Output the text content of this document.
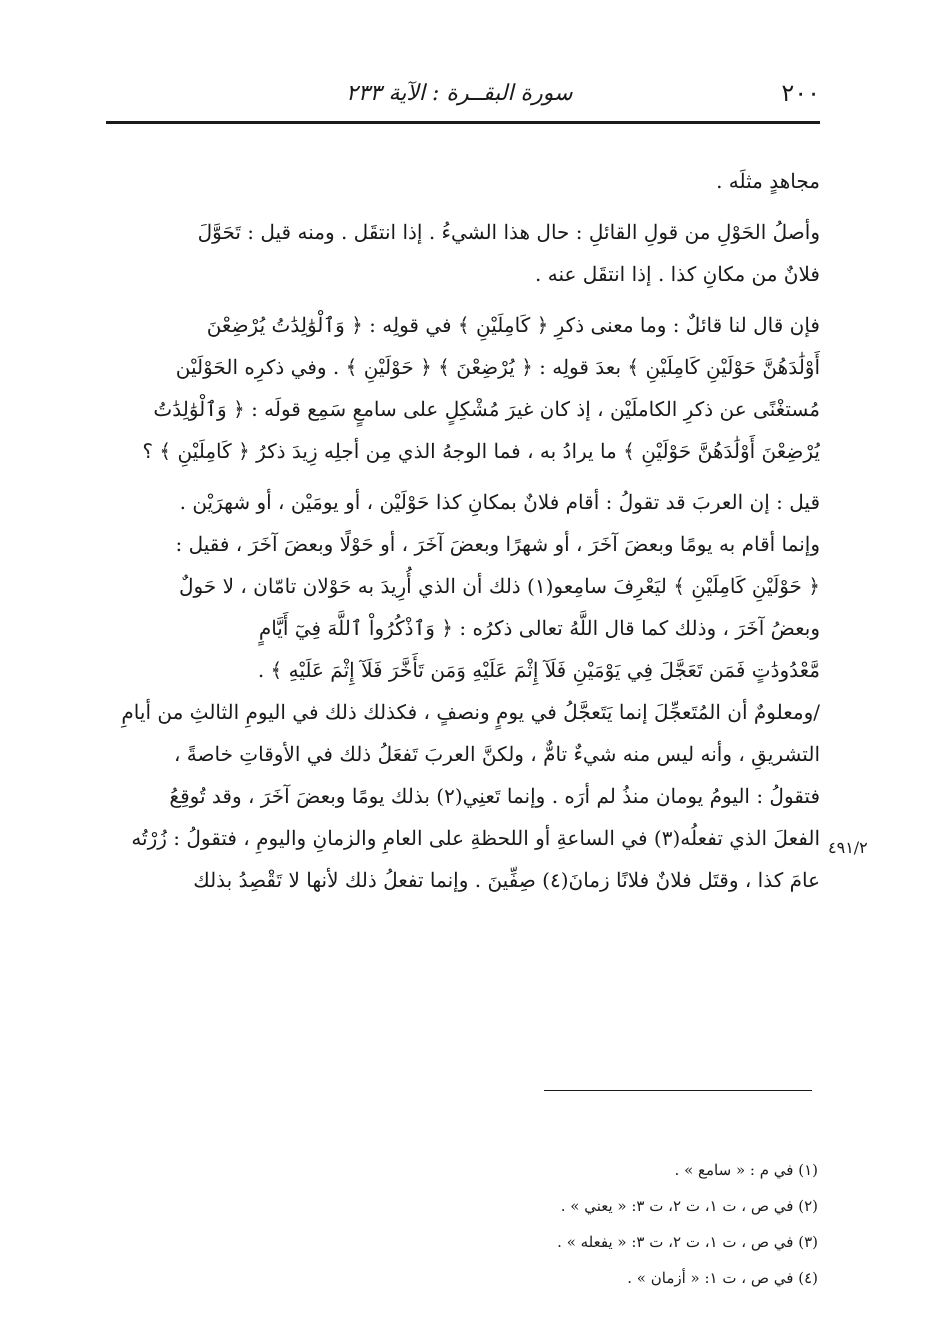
٢٠٠
سورة البقــرة : الآية ٢٣٣
مجاهدٍ مثلَه .
وأصلُ الحَوْلِ من قولِ القائلِ : حال هذا الشيءُ . إذا انتقَل . ومنه قيل : تَحَوَّلَ
فلانٌ من مكانِ كذا . إذا انتقَل عنه .
فإن قال لنا قائلٌ : وما معنى ذكرِ ﴿ كَامِلَيْنِ ﴾ في قولِه : ﴿ وَٱلْوَٰلِدَٰتُ يُرْضِعْنَ
أَوْلَٰدَهُنَّ حَوْلَيْنِ كَامِلَيْنِ ﴾ بعدَ قولِه : ﴿ يُرْضِعْنَ ﴾ ﴿ حَوْلَيْنِ ﴾ . وفي ذكرِه الحَوْلَيْن
مُستغْنًى عن ذكرِ الكاملَيْن ، إذ كان غيرَ مُشْكِلٍ على سامعٍ سَمِع قولَه : ﴿ وَٱلْوَٰلِدَٰتُ
يُرْضِعْنَ أَوْلَٰدَهُنَّ حَوْلَيْنِ ﴾ ما يرادُ به ، فما الوجهُ الذي مِن أجلِه زِيدَ ذكرُ ﴿ كَامِلَيْنِ ﴾ ؟
قيل : إن العربَ قد تقولُ : أقام فلانٌ بمكانِ كذا حَوْلَيْن ، أو يومَيْن ، أو شهرَيْن .
وإنما أقام به يومًا وبعضَ آخَرَ ، أو شهرًا وبعضَ آخَرَ ، أو حَوْلًا وبعضَ آخَرَ ، فقيل :
﴿ حَوْلَيْنِ كَامِلَيْنِ ﴾ ليَعْرِفَ سامِعو(١) ذلك أن الذي أُرِيدَ به حَوْلان تامّان ، لا حَولٌ
وبعضُ آخَرَ ، وذلك كما قال اللَّهُ تعالى ذكرُه : ﴿ وَٱذْكُرُواْ ٱللَّهَ فِيٓ أَيَّامٍ
مَّعْدُودَٰتٍ فَمَن تَعَجَّلَ فِي يَوْمَيْنِ فَلَآ إِثْمَ عَلَيْهِ وَمَن تَأَخَّرَ فَلَآ إِثْمَ عَلَيْهِ ﴾ .
/ومعلومٌ أن المُتَعجِّلَ إنما يَتَعجَّلُ في يومٍ ونصفٍ ، فكذلك ذلك في اليومِ الثالثِ من أيامِ
التشريقِ ، وأنه ليس منه شيءٌ تامٌّ ، ولكنَّ العربَ تَفعَلُ ذلك في الأوقاتِ خاصةً ،
فتقولُ : اليومُ يومان منذُ لم أرَه . وإنما تَعنِي(٢) بذلك يومًا وبعضَ آخَرَ ، وقد تُوقِعُ
الفعلَ الذي تفعلُه(٣) في الساعةِ أو اللحظةِ على العامِ والزمانِ واليومِ ، فتقولُ : زُرْتُه
عامَ كذا ، وقتَل فلانٌ فلانًا زمانَ(٤) صِفِّينَ . وإنما تفعلُ ذلك لأنها لا تَقْصِدُ بذلك
٤٩١/٢
(١) في م : « سامع » .
(٢) في ص ، ت ١، ت ٢، ت ٣: « يعني » .
(٣) في ص ، ت ١، ت ٢، ت ٣: « يفعله » .
(٤) في ص ، ت ١: « أزمان » .
